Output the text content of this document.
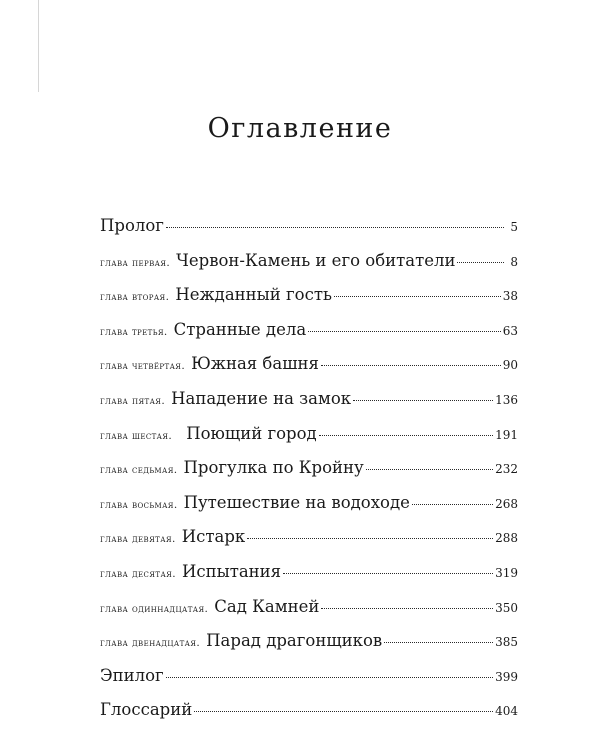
Оглавление
Пролог	5
глава первая. Червон-Камень и его обитатели	8
глава вторая. Нежданный гость	38
глава третья. Странные дела	63
глава четвёртая. Южная башня	90
глава пятая. Нападение на замок	136
глава шестая. Поющий город	191
глава седьмая. Прогулка по Кройну	232
глава восьмая. Путешествие на водоходе	268
глава девятая. Истарк	288
глава десятая. Испытания	319
глава одиннадцатая. Сад Камней	350
глава двенадцатая. Парад драгонщиков	385
Эпилог	399
Глоссарий	404
